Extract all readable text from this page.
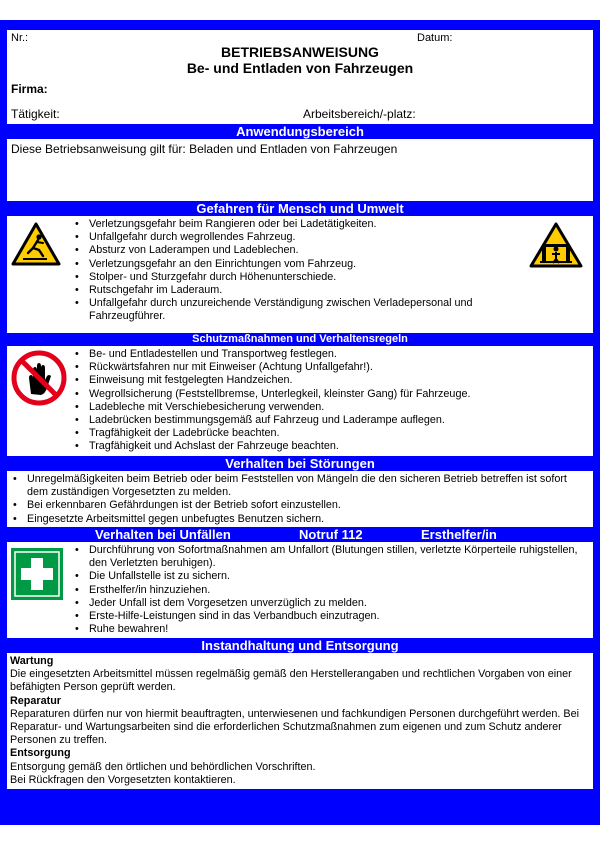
Nr.:	Datum:
BETRIEBSANWEISUNG
Be- und Entladen von Fahrzeugen
Firma:
Tätigkeit:	Arbeitsbereich/-platz:
Anwendungsbereich
Diese Betriebsanweisung gilt für: Beladen und Entladen von Fahrzeugen
Gefahren für Mensch und Umwelt
• Verletzungsgefahr beim Rangieren oder bei Ladetätigkeiten.
• Unfallgefahr durch wegrollendes Fahrzeug.
• Absturz von Laderampen und Ladeblechen.
• Verletzungsgefahr an den Einrichtungen vom Fahrzeug.
• Stolper- und Sturzgefahr durch Höhenunterschiede.
• Rutschgefahr im Laderaum.
• Unfallgefahr durch unzureichende Verständigung zwischen Verladepersonal und Fahrzeugführer.
Schutzmaßnahmen und Verhaltensregeln
• Be- und Entladestellen und Transportweg festlegen.
• Rückwärtsfahren nur mit Einweiser (Achtung Unfallgefahr!).
• Einweisung mit festgelegten Handzeichen.
• Wegrollsicherung (Feststellbremse, Unterlegkeil, kleinster Gang) für Fahrzeuge.
• Ladebleche mit Verschiebesicherung verwenden.
• Ladebrücken bestimmungsgemäß auf Fahrzeug und Laderampe auflegen.
• Tragfähigkeit der Ladebrücke beachten.
• Tragfähigkeit und Achslast der Fahrzeuge beachten.
Verhalten bei Störungen
• Unregelmäßigkeiten beim Betrieb oder beim Feststellen von Mängeln die den sicheren Betrieb betreffen ist sofort dem zuständigen Vorgesetzten zu melden.
• Bei erkennbaren Gefährdungen ist der Betrieb sofort einzustellen.
• Eingesetzte Arbeitsmittel gegen unbefugtes Benutzen sichern.
Verhalten bei Unfällen	Notruf 112	Ersthelfer/in
• Durchführung von Sofortmaßnahmen am Unfallort (Blutungen stillen, verletzte Körperteile ruhigstellen, den Verletzten beruhigen).
• Die Unfallstelle ist zu sichern.
• Ersthelfer/in hinzuziehen.
• Jeder Unfall ist dem Vorgesetzen unverzüglich zu melden.
• Erste-Hilfe-Leistungen sind in das Verbandbuch einzutragen.
• Ruhe bewahren!
Instandhaltung und Entsorgung
Wartung
Die eingesetzten Arbeitsmittel müssen regelmäßig gemäß den Herstellerangaben und rechtlichen Vorgaben von einer befähigten Person geprüft werden.
Reparatur
Reparaturen dürfen nur von hiermit beauftragten, unterwiesenen und fachkundigen Personen durchgeführt werden. Bei Reparatur- und Wartungsarbeiten sind die erforderlichen Schutzmaßnahmen zum eigenen und zum Schutz anderer Personen zu treffen.
Entsorgung
Entsorgung gemäß den örtlichen und behördlichen Vorschriften.
Bei Rückfragen den Vorgesetzten kontaktieren.
